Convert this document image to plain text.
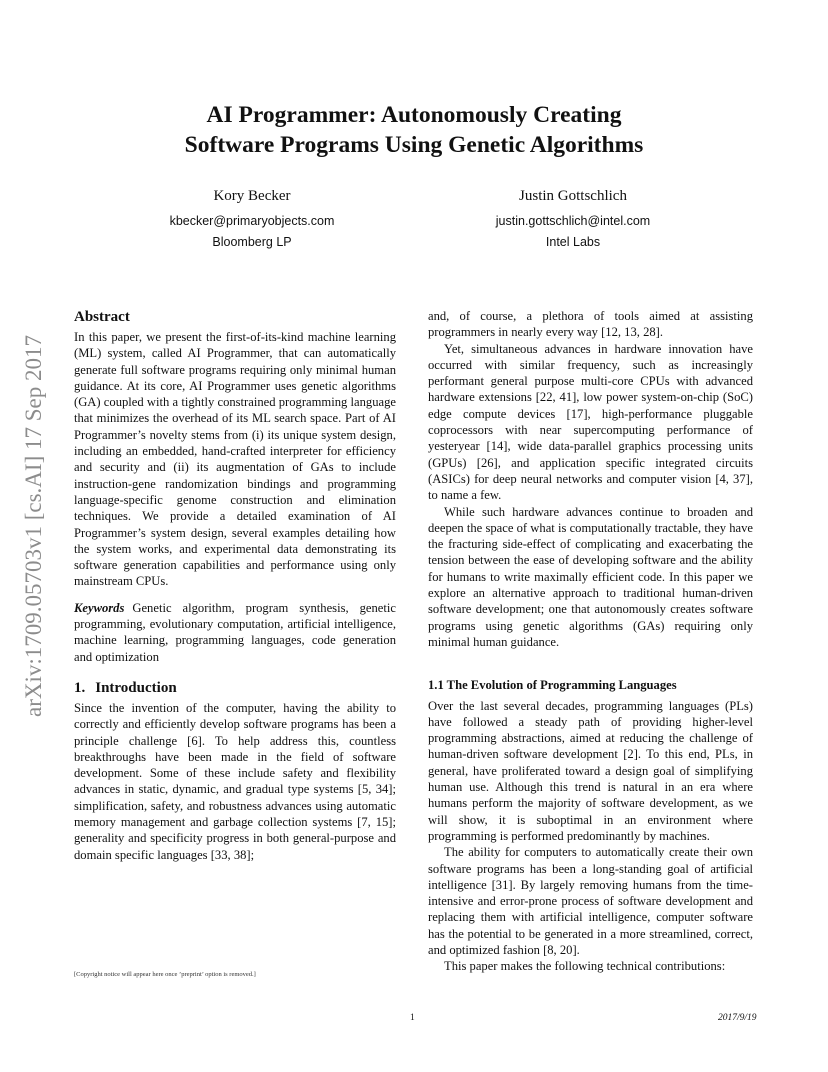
AI Programmer: Autonomously Creating
Software Programs Using Genetic Algorithms
Kory Becker
kbecker@primaryobjects.com
Bloomberg LP
Justin Gottschlich
justin.gottschlich@intel.com
Intel Labs
arXiv:1709.05703v1 [cs.AI] 17 Sep 2017
Abstract

In this paper, we present the first-of-its-kind machine learning (ML) system, called AI Programmer, that can automatically generate full software programs requiring only minimal human guidance. At its core, AI Programmer uses genetic algorithms (GA) coupled with a tightly constrained programming language that minimizes the overhead of its ML search space. Part of AI Programmer’s novelty stems from (i) its unique system design, including an embedded, hand-crafted interpreter for efficiency and security and (ii) its augmentation of GAs to include instruction-gene randomization bindings and programming language-specific genome construction and elimination techniques. We provide a detailed examination of AI Programmer’s system design, several examples detailing how the system works, and experimental data demonstrating its software generation capabilities and performance using only mainstream CPUs.

Keywords Genetic algorithm, program synthesis, genetic programming, evolutionary computation, artificial intelligence, machine learning, programming languages, code generation and optimization

1. Introduction

Since the invention of the computer, having the ability to correctly and efficiently develop software programs has been a principle challenge [6]. To help address this, countless breakthroughs have been made in the field of software development. Some of these include safety and flexibility advances in static, dynamic, and gradual type systems [5, 34]; simplification, safety, and robustness advances using automatic memory management and garbage collection systems [7, 15]; generality and specificity progress in both general-purpose and domain specific languages [33, 38];

and, of course, a plethora of tools aimed at assisting programmers in nearly every way [12, 13, 28].

Yet, simultaneous advances in hardware innovation have occurred with similar frequency, such as increasingly performant general purpose multi-core CPUs with advanced hardware extensions [22, 41], low power system-on-chip (SoC) edge compute devices [17], high-performance pluggable coprocessors with near supercomputing performance of yesteryear [14], wide data-parallel graphics processing units (GPUs) [26], and application specific integrated circuits (ASICs) for deep neural networks and computer vision [4, 37], to name a few.

While such hardware advances continue to broaden and deepen the space of what is computationally tractable, they have the fracturing side-effect of complicating and exacerbating the tension between the ease of developing software and the ability for humans to write maximally efficient code. In this paper we explore an alternative approach to traditional human-driven software development; one that autonomously creates software programs using genetic algorithms (GAs) requiring only minimal human guidance.

1.1 The Evolution of Programming Languages

Over the last several decades, programming languages (PLs) have followed a steady path of providing higher-level programming abstractions, aimed at reducing the challenge of human-driven software development [2]. To this end, PLs, in general, have proliferated toward a design goal of simplifying human use. Although this trend is natural in an era where humans perform the majority of software development, as we will show, it is suboptimal in an environment where programming is performed predominantly by machines.

The ability for computers to automatically create their own software programs has been a long-standing goal of artificial intelligence [31]. By largely removing humans from the time-intensive and error-prone process of software development and replacing them with artificial intelligence, computer software has the potential to be generated in a more streamlined, correct, and optimized fashion [8, 20].

This paper makes the following technical contributions:

[Copyright notice will appear here once ’preprint’ option is removed.]
1	2017/9/19
